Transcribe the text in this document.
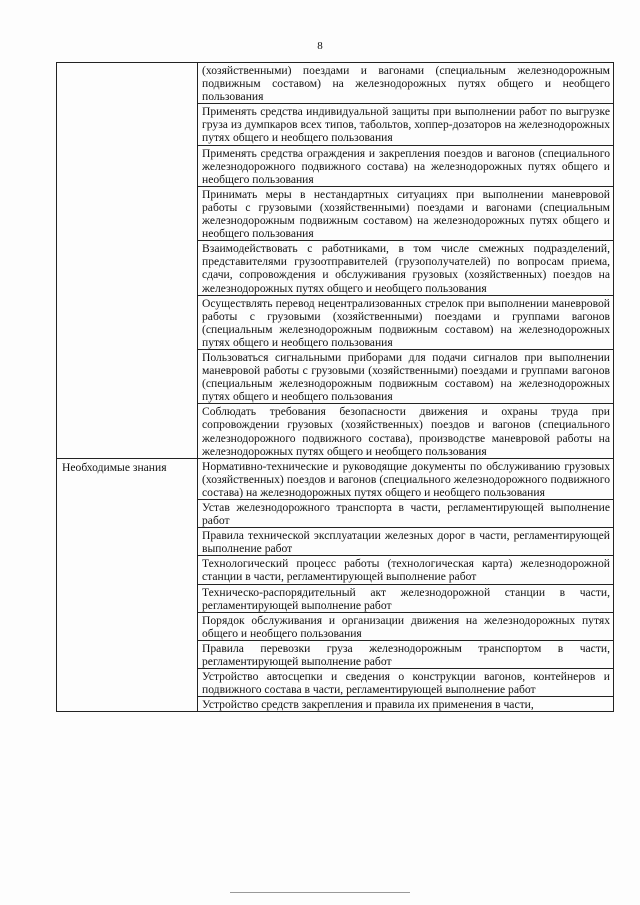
8
	(хозяйственными) поездами и вагонами (специальным железнодорожным подвижным составом) на железнодорожных путях общего и необщего пользования
	Применять средства индивидуальной защиты при выполнении работ по выгрузке груза из думпкаров всех типов, табольтов, хоппер-дозаторов на железнодорожных путях общего и необщего пользования
	Применять средства ограждения и закрепления поездов и вагонов (специального железнодорожного подвижного состава) на железнодорожных путях общего и необщего пользования
	Принимать меры в нестандартных ситуациях при выполнении маневровой работы с грузовыми (хозяйственными) поездами и вагонами (специальным железнодорожным подвижным составом) на железнодорожных путях общего и необщего пользования
	Взаимодействовать с работниками, в том числе смежных подразделений, представителями грузоотправителей (грузополучателей) по вопросам приема, сдачи, сопровождения и обслуживания грузовых (хозяйственных) поездов на железнодорожных путях общего и необщего пользования
	Осуществлять перевод нецентрализованных стрелок при выполнении маневровой работы с грузовыми (хозяйственными) поездами и группами вагонов (специальным железнодорожным подвижным составом) на железнодорожных путях общего и необщего пользования
	Пользоваться сигнальными приборами для подачи сигналов при выполнении маневровой работы с грузовыми (хозяйственными) поездами и группами вагонов (специальным железнодорожным подвижным составом) на железнодорожных путях общего и необщего пользования
	Соблюдать требования безопасности движения и охраны труда при сопровождении грузовых (хозяйственных) поездов и вагонов (специального железнодорожного подвижного состава), производстве маневровой работы на железнодорожных путях общего и необщего пользования
Необходимые знания	Нормативно-технические и руководящие документы по обслуживанию грузовых (хозяйственных) поездов и вагонов (специального железнодорожного подвижного состава) на железнодорожных путях общего и необщего пользования
	Устав железнодорожного транспорта в части, регламентирующей выполнение работ
	Правила технической эксплуатации железных дорог в части, регламентирующей выполнение работ
	Технологический процесс работы (технологическая карта) железнодорожной станции в части, регламентирующей выполнение работ
	Техническо-распорядительный акт железнодорожной станции в части, регламентирующей выполнение работ
	Порядок обслуживания и организации движения на железнодорожных путях общего и необщего пользования
	Правила перевозки груза железнодорожным транспортом в части, регламентирующей выполнение работ
	Устройство автосцепки и сведения о конструкции вагонов, контейнеров и подвижного состава в части, регламентирующей выполнение работ
	Устройство средств закрепления и правила их применения в части,
